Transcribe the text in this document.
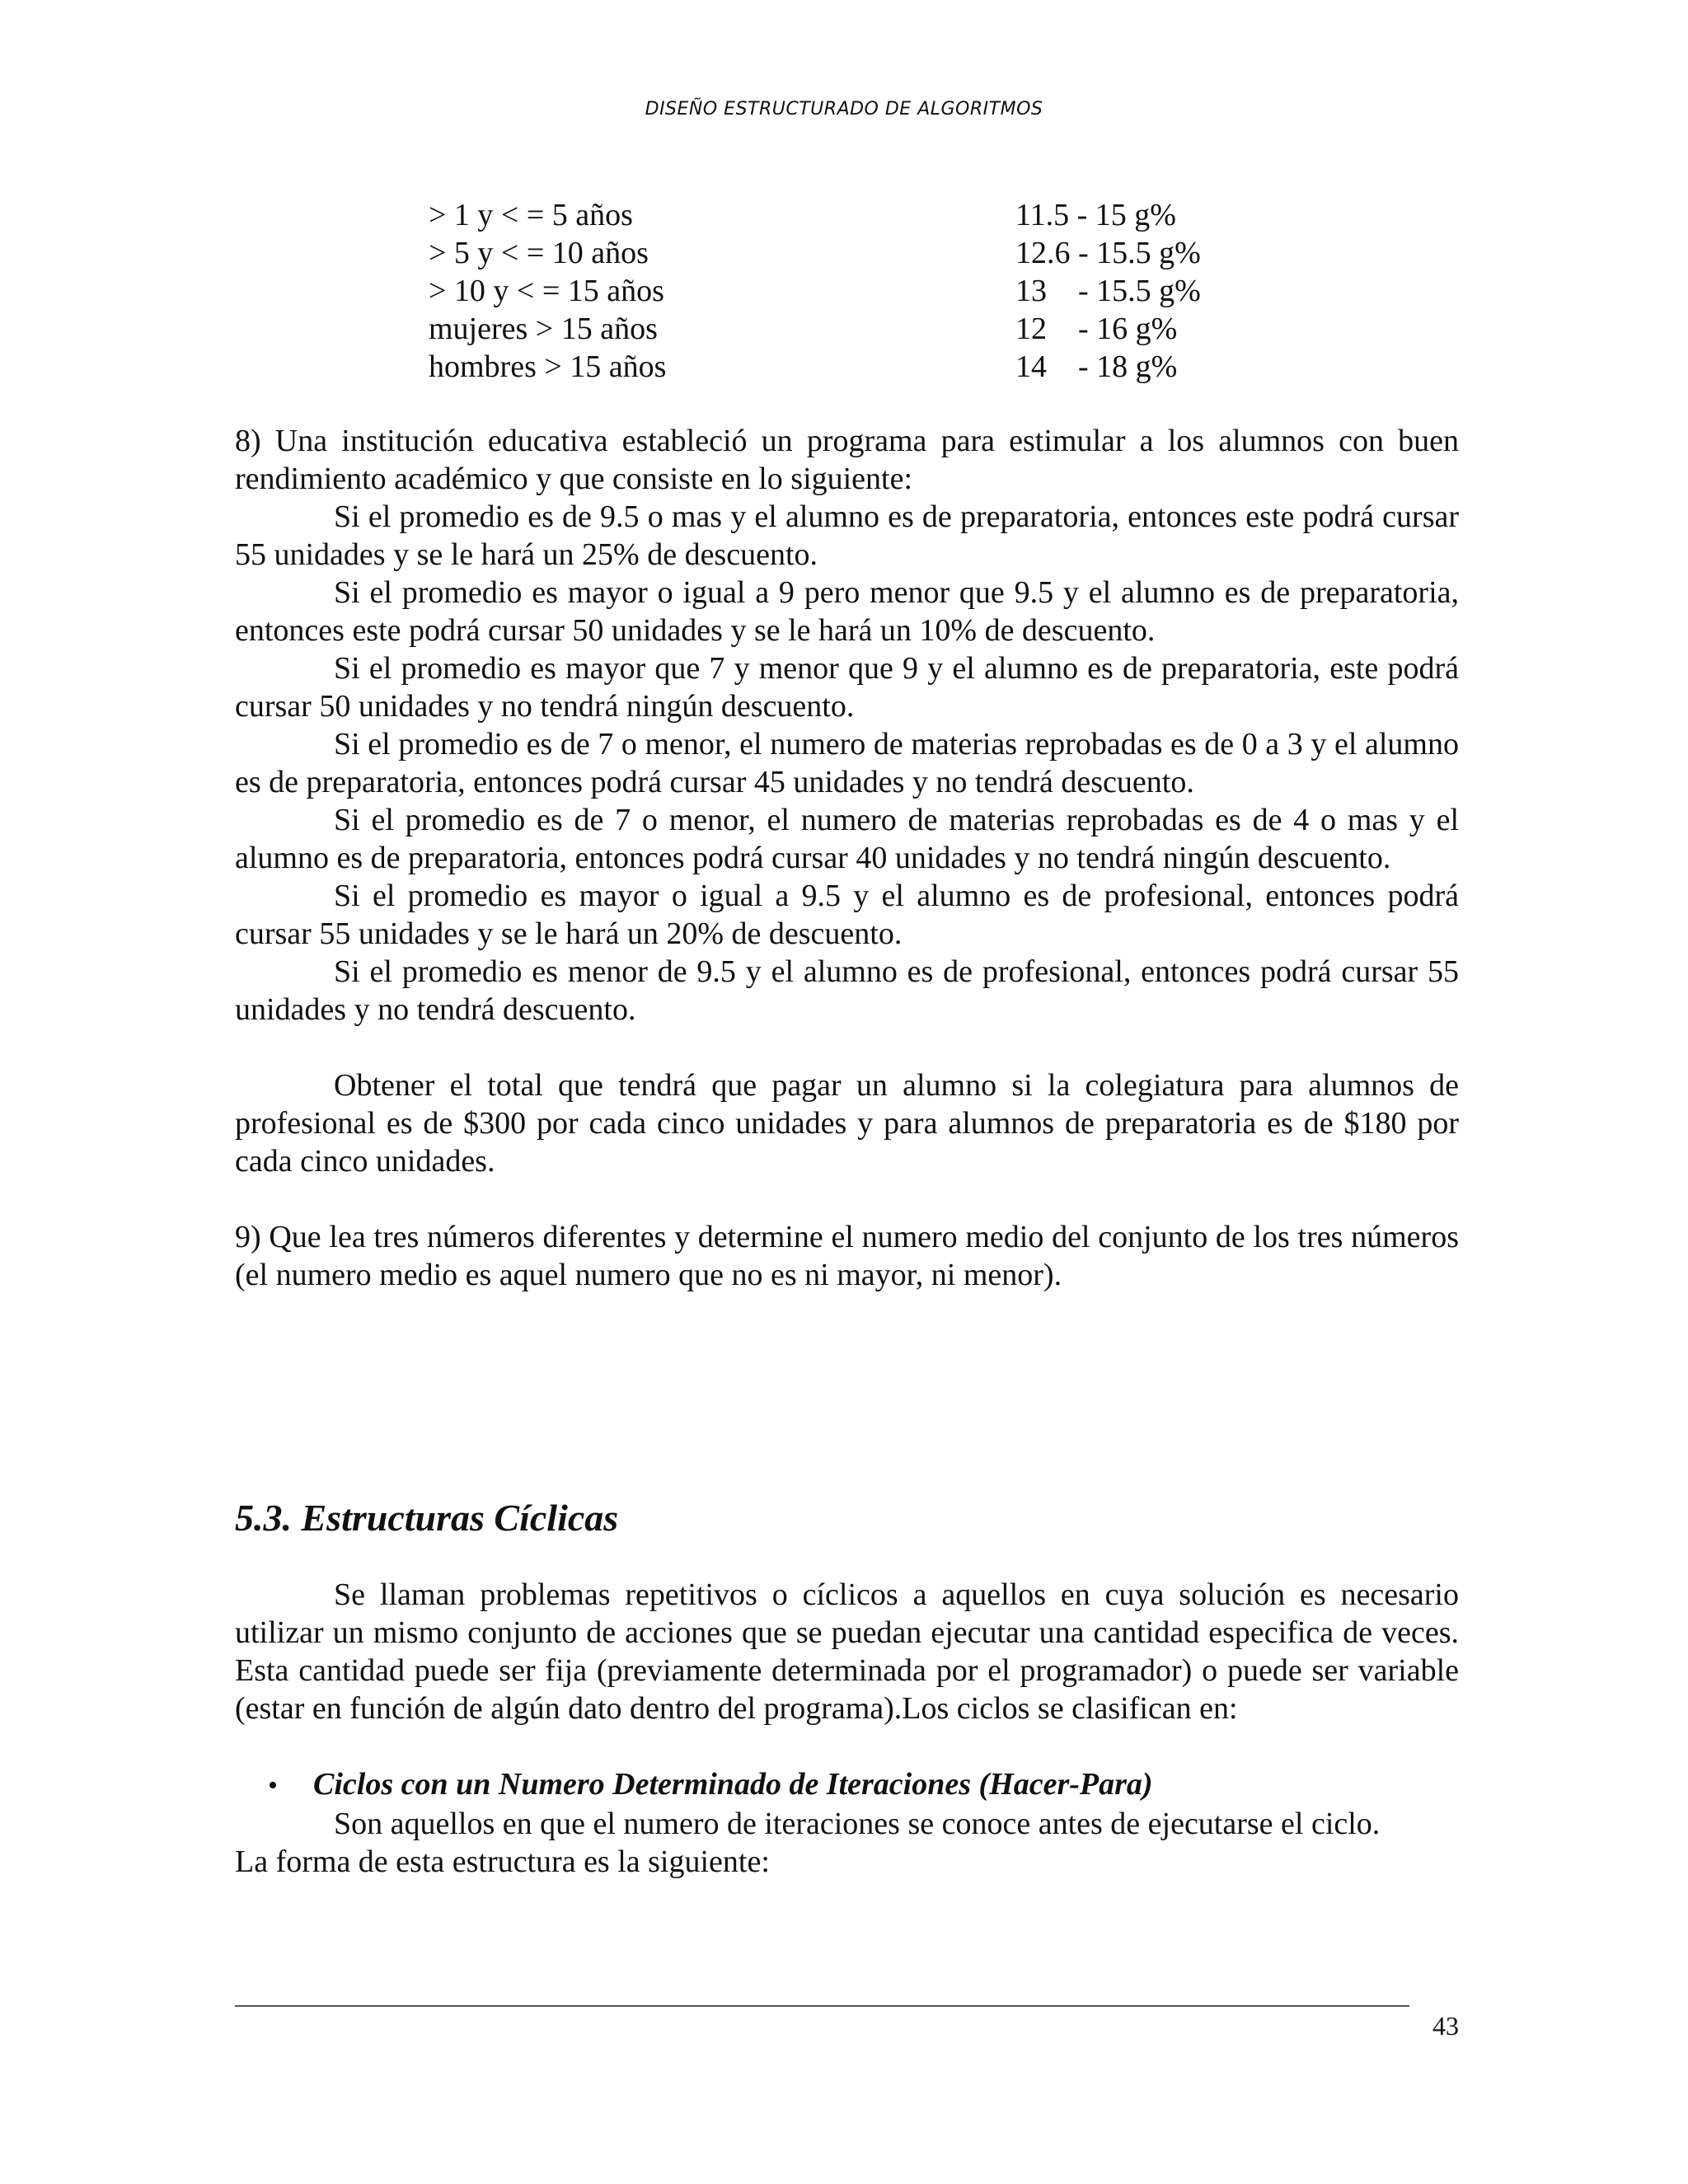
DISEÑO ESTRUCTURADO DE ALGORITMOS
> 1 y < = 5 años	11.5 - 15 g%
> 5 y < = 10 años	12.6 - 15.5 g%
> 10 y < = 15 años	13    - 15.5 g%
mujeres > 15 años	12    - 16 g%
hombres > 15 años	14    - 18 g%

8) Una institución educativa estableció un programa para estimular a los alumnos con buen rendimiento académico y que consiste en lo siguiente:

Si el promedio es de 9.5 o mas y el alumno es de preparatoria, entonces este podrá cursar 55 unidades y se le hará un 25% de descuento.

Si el promedio es mayor o igual a 9 pero menor que 9.5 y el alumno es de preparatoria, entonces este podrá cursar 50 unidades y se le hará un 10% de descuento.

Si el promedio es mayor que 7 y menor que 9 y el alumno es de preparatoria, este podrá cursar 50 unidades y no tendrá ningún descuento.

Si el promedio es de 7 o menor, el numero de materias reprobadas es de 0 a 3 y el alumno es de preparatoria, entonces podrá cursar 45 unidades y no tendrá descuento.

Si el promedio es de 7 o menor, el numero de materias reprobadas es de 4 o mas y el alumno es de preparatoria, entonces podrá cursar 40 unidades y no tendrá ningún descuento.

Si el promedio es mayor o igual a 9.5 y el alumno es de profesional, entonces podrá cursar 55 unidades y se le hará un 20% de descuento.

Si el promedio es menor de 9.5 y el alumno es de profesional, entonces podrá cursar 55 unidades y no tendrá descuento.

Obtener el total que tendrá que pagar un alumno si la colegiatura para alumnos de profesional es de $300 por cada cinco unidades y para alumnos de preparatoria es de $180 por cada cinco unidades.

9) Que lea tres números diferentes y determine el numero medio del conjunto de los tres números (el numero medio es aquel numero que no es ni mayor, ni menor).

5.3. Estructuras Cíclicas

Se llaman problemas repetitivos o cíclicos a aquellos en cuya solución es necesario utilizar un mismo conjunto de acciones que se puedan ejecutar una cantidad especifica de veces. Esta cantidad puede ser fija (previamente determinada por el programador) o puede ser variable (estar en función de algún dato dentro del programa).Los ciclos se clasifican en:

•	Ciclos con un Numero Determinado de Iteraciones (Hacer-Para)

Son aquellos en que el numero de iteraciones se conoce antes de ejecutarse el ciclo.

La forma de esta estructura es la siguiente:

43
